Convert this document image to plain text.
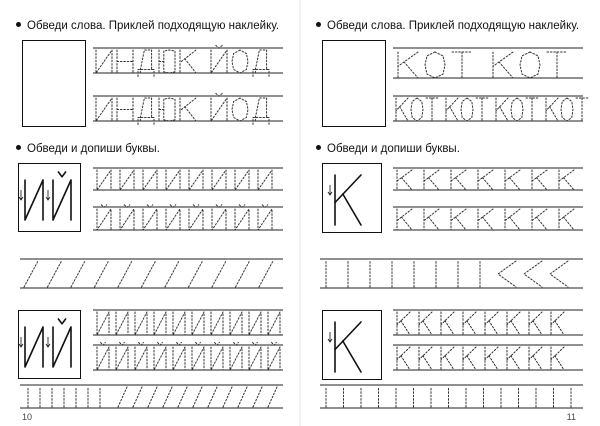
Обведи слова. Приклей подходящую наклейку.
Обведи и допиши буквы.
10
Обведи слова. Приклей подходящую наклейку.
Обведи и допиши буквы.
11
